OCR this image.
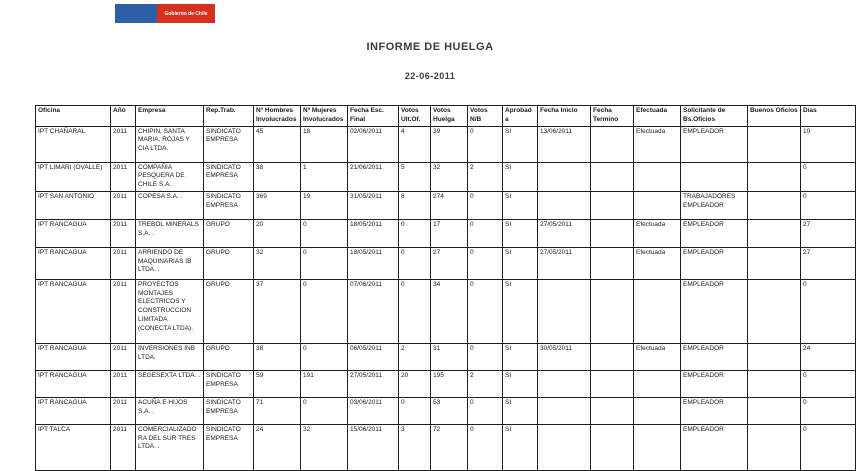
Gobierno de Chile
INFORME DE HUELGA
22-06-2011
Oficina	Año	Empresa	Rep.Trab.	Nº Hombres Involucrados	Nº Mujeres Involucrados	Fecha Esc. Final	Votos Ult.Of.	Votos Huelga	Votos N/B	Aprobada	Fecha Inicio	Fecha Termino	Efectuada	Solicitante de Bs.Oficios	Buenos Oficios	Días
IPT CHAÑARAL	2011	CHIPIN, SANTA MARIA, ROJAS Y CIA LTDA.	SINDICATO EMPRESA	45	18	02/06/2011	4	39	0	SI	13/06/2011		Efectuada	EMPLEADOR		10
IPT LIMARI (OVALLE)	2011	COMPAÑIA PESQUERA DE CHILE S.A.	SINDICATO EMPRESA	38	1	21/06/2011	5	32	2	SI						0
IPT SAN ANTONIO	2011	COPESA S.A. .	SINDICATO EMPRESA	369	19	31/05/2011	8	274	0	SI				TRABAJADORES EMPLEADOR		0
IPT RANCAGUA	2011	TREBOL MINERALS S.A. .	GRUPO	20	0	18/05/2011	0	17	0	SI	27/05/2011		Efectuada	EMPLEADOR		27
IPT RANCAGUA	2011	ARRIENDO DE MAQUINARIAS IB LTDA. .	GRUPO	32	0	18/05/2011	0	27	0	SI	27/05/2011		Efectuada	EMPLEADOR		27
IPT RANCAGUA	2011	PROYECTOS MONTAJES ELECTRICOS Y CONSTRUCCION LIMITADA (CONECTA LTDA).	GRUPO	37	0	07/06/2011	0	34	0	SI				EMPLEADOR		0
IPT RANCAGUA	2011	INVERSIONES INB LTDA.	GRUPO	38	0	06/05/2011	2	31	0	SI	30/05/2011		Efectuada	EMPLEADOR		24
IPT RANCAGUA	2011	SEGESEXTA LTDA. .	SINDICATO EMPRESA	59	191	27/05/2011	20	195	2	SI				EMPLEADOR		0
IPT RANCAGUA	2011	ACUÑA E HIJOS S.A. .	SINDICATO EMPRESA	71	0	03/06/2011	0	53	0	SI				EMPLEADOR		0
IPT TALCA	2011	COMERCIALIZADORA DEL SUR TRES LTDA. .	SINDICATO EMPRESA	24	32	15/06/2011	3	72	0	SI				EMPLEADOR		0
